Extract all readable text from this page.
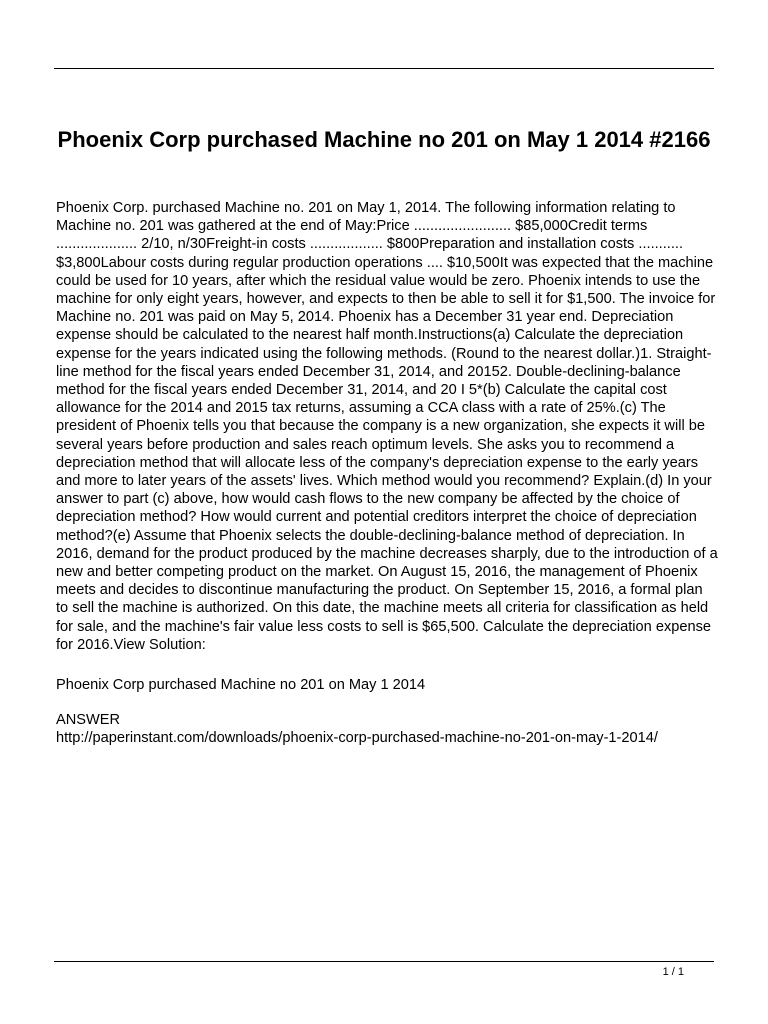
Phoenix Corp purchased Machine no 201 on May 1 2014 #2166

Phoenix Corp. purchased Machine no. 201 on May 1, 2014. The following information relating to Machine no. 201 was gathered at the end of May:Price ........................ $85,000Credit terms .................... 2/10, n/30Freight-in costs .................. $800Preparation and installation costs ........... $3,800Labour costs during regular production operations .... $10,500It was expected that the machine could be used for 10 years, after which the residual value would be zero. Phoenix intends to use the machine for only eight years, however, and expects to then be able to sell it for $1,500. The invoice for Machine no. 201 was paid on May 5, 2014. Phoenix has a December 31 year end. Depreciation expense should be calculated to the nearest half month.Instructions(a) Calculate the depreciation expense for the years indicated using the following methods. (Round to the nearest dollar.)1. Straight-line method for the fiscal years ended December 31, 2014, and 20152. Double-declining-balance method for the fiscal years ended December 31, 2014, and 20 I 5*(b) Calculate the capital cost allowance for the 2014 and 2015 tax returns, assuming a CCA class with a rate of 25%.(c) The president of Phoenix tells you that because the company is a new organization, she expects it will be several years before production and sales reach optimum levels. She asks you to recommend a depreciation method that will allocate less of the company's depreciation expense to the early years and more to later years of the assets' lives. Which method would you recommend? Explain.(d) In your answer to part (c) above, how would cash flows to the new company be affected by the choice of depreciation method? How would current and potential creditors interpret the choice of depreciation method?(e) Assume that Phoenix selects the double-declining-balance method of depreciation. In 2016, demand for the product produced by the machine decreases sharply, due to the introduction of a new and better competing product on the market. On August 15, 2016, the management of Phoenix meets and decides to discontinue manufacturing the product. On September 15, 2016, a formal plan to sell the machine is authorized. On this date, the machine meets all criteria for classification as held for sale, and the machine's fair value less costs to sell is $65,500. Calculate the depreciation expense for 2016.View Solution:

Phoenix Corp purchased Machine no 201 on May 1 2014

ANSWER

http://paperinstant.com/downloads/phoenix-corp-purchased-machine-no-201-on-may-1-2014/

1 / 1
